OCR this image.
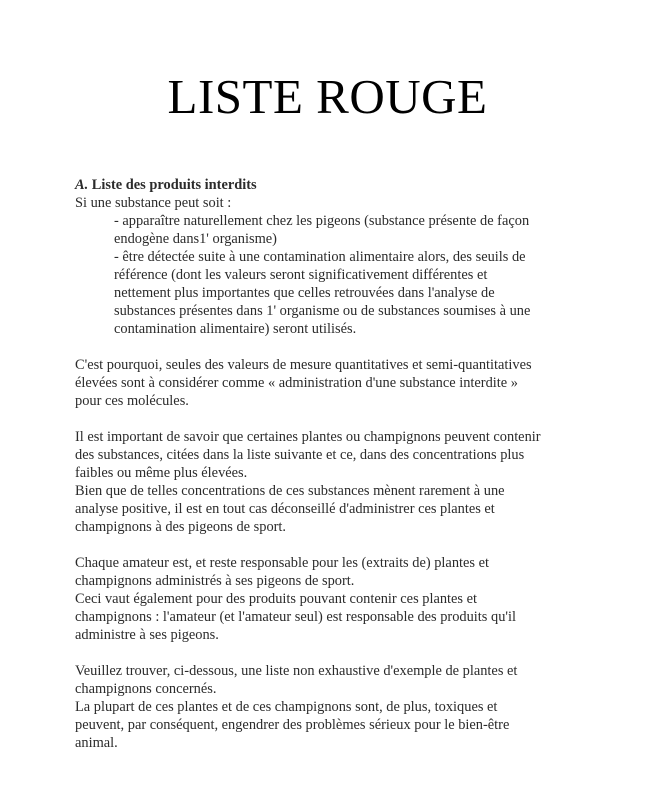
LISTE ROUGE
A. Liste des produits interdits
Si une substance peut soit :
- apparaître naturellement chez les pigeons (substance présente de façon
endogène dans1' organisme)
- être détectée suite à une contamination alimentaire alors, des seuils de
référence (dont les valeurs seront significativement différentes et
nettement plus importantes que celles retrouvées dans l'analyse de
substances présentes dans 1' organisme ou de substances soumises à une
contamination alimentaire) seront utilisés.
C'est pourquoi, seules des valeurs de mesure quantitatives et semi-quantitatives
élevées sont à considérer comme « administration d'une substance interdite »
pour ces molécules.
Il est important de savoir que certaines plantes ou champignons peuvent contenir
des substances, citées dans la liste suivante et ce, dans des concentrations plus
faibles ou même plus élevées.
Bien que de telles concentrations de ces substances mènent rarement à une
analyse positive, il est en tout cas déconseillé d'administrer ces plantes et
champignons à des pigeons de sport.
Chaque amateur est, et reste responsable pour les (extraits de) plantes et
champignons administrés à ses pigeons de sport.
Ceci vaut également pour des produits pouvant contenir ces plantes et
champignons : l'amateur (et l'amateur seul) est responsable des produits qu'il
administre à ses pigeons.
Veuillez trouver, ci-dessous, une liste non exhaustive d'exemple de plantes et
champignons concernés.
La plupart de ces plantes et de ces champignons sont, de plus, toxiques et
peuvent, par conséquent, engendrer des problèmes sérieux pour le bien-être
animal.
